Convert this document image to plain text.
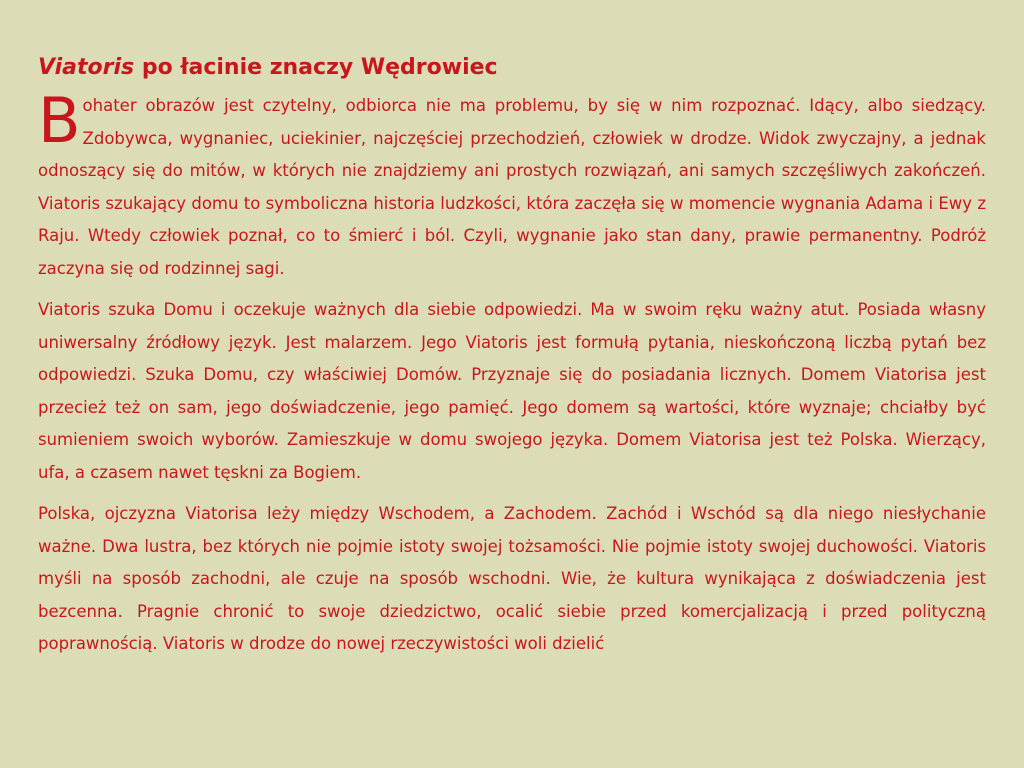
Viatoris po łacinie znaczy Wędrowiec

Bohater obrazów jest czytelny, odbiorca nie ma problemu, by się w nim rozpoznać. Idący, albo siedzący. Zdobywca, wygnaniec, uciekinier, najczęściej przechodzień, człowiek w drodze. Widok zwyczajny, a jednak odnoszący się do mitów, w których nie znajdziemy ani prostych rozwiązań, ani samych szczęśliwych zakończeń. Viatoris szukający domu to symboliczna historia ludzkości, która zaczęła się w momencie wygnania Adama i Ewy z Raju. Wtedy człowiek poznał, co to śmierć i ból. Czyli, wygnanie jako stan dany, prawie permanentny. Podróż zaczyna się od rodzinnej sagi.

Viatoris szuka Domu i oczekuje ważnych dla siebie odpowiedzi. Ma w swoim ręku ważny atut. Posiada własny uniwersalny źródłowy język. Jest malarzem. Jego Viatoris jest formułą pytania, nieskończoną liczbą pytań bez odpowiedzi. Szuka Domu, czy właściwiej Domów. Przyznaje się do posiadania licznych. Domem Viatorisa jest przecież też on sam, jego doświadczenie, jego pamięć. Jego domem są wartości, które wyznaje; chciałby być sumieniem swoich wyborów. Zamieszkuje w domu swojego języka. Domem Viatorisa jest też Polska. Wierzący, ufa, a czasem nawet tęskni za Bogiem.

Polska, ojczyzna Viatorisa leży między Wschodem, a Zachodem. Zachód i Wschód są dla niego niesłychanie ważne. Dwa lustra, bez których nie pojmie istoty swojej tożsamości. Nie pojmie istoty swojej duchowości. Viatoris myśli na sposób zachodni, ale czuje na sposób wschodni. Wie, że kultura wynikająca z doświadczenia jest bezcenna. Pragnie chronić to swoje dziedzictwo, ocalić siebie przed komercjalizacją i przed polityczną poprawnością. Viatoris w drodze do nowej rzeczywistości woli dzielić
